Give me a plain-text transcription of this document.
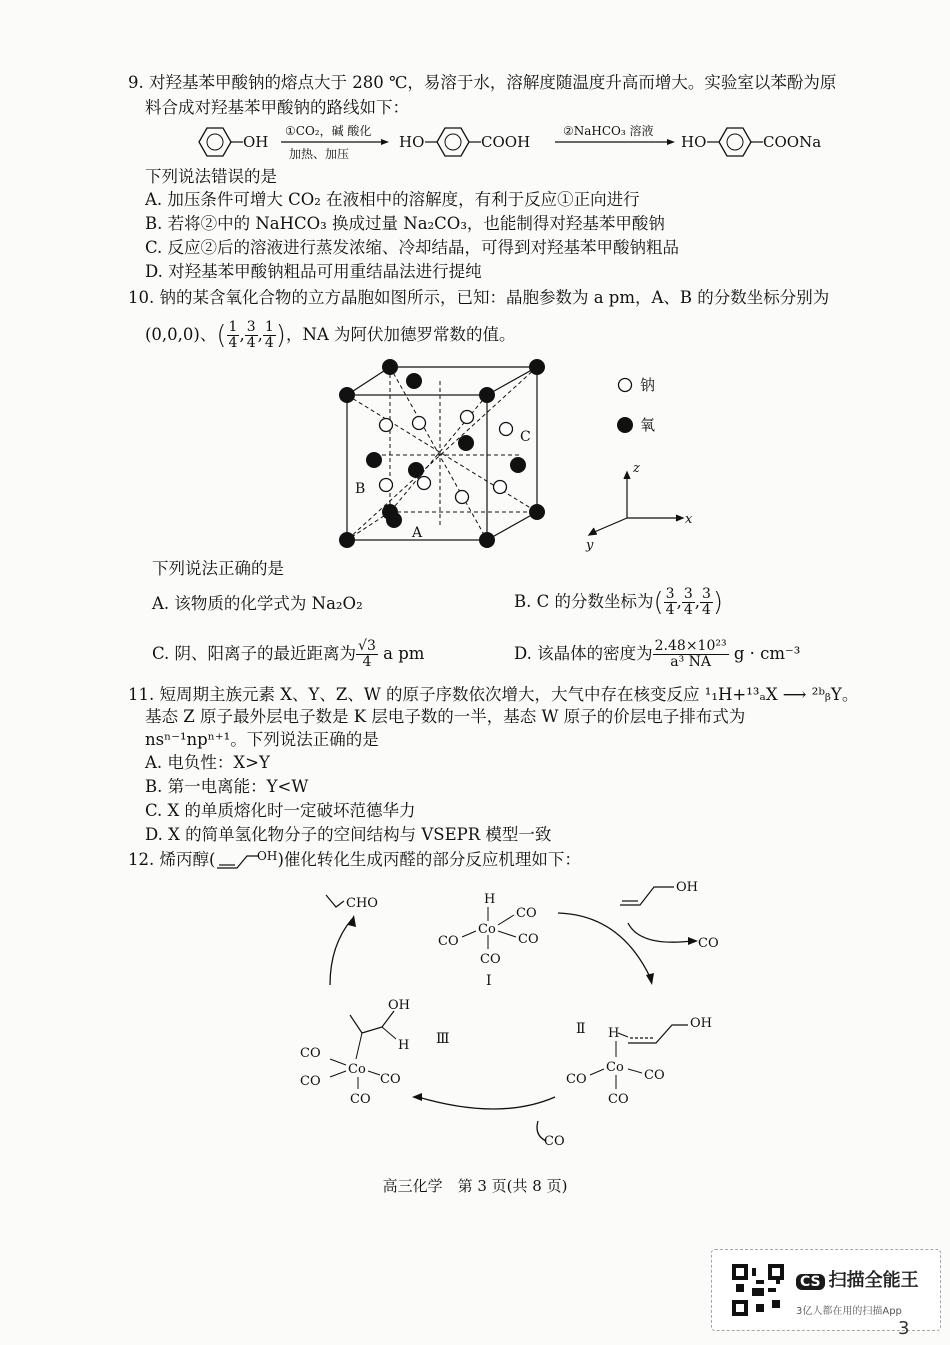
9. 对羟基苯甲酸钠的熔点大于 280 ℃，易溶于水，溶解度随温度升高而增大。实验室以苯酚为原
料合成对羟基苯甲酸钠的路线如下：
OH
①CO₂，碱 酸化
加热、加压
HO	COOH
②NaHCO₃ 溶液
HO	COONa
下列说法错误的是
A. 加压条件可增大 CO₂ 在液相中的溶解度，有利于反应①正向进行
B. 若将②中的 NaHCO₃ 换成过量 Na₂CO₃，也能制得对羟基苯甲酸钠
C. 反应②后的溶液进行蒸发浓缩、冷却结晶，可得到对羟基苯甲酸钠粗品
D. 对羟基苯甲酸钠粗品可用重结晶法进行提纯
10. 钠的某含氧化合物的立方晶胞如图所示，已知：晶胞参数为 a pm，A、B 的分数坐标分别为
(0,0,0)、( $\frac{1}{4}$ , $\frac{3}{4}$ , $\frac{1}{4}$ )，NA 为阿伏加德罗常数的值。
C
B
A
钠
氧
z
x
y
下列说法正确的是
A. 该物质的化学式为 Na₂O₂	B. C 的分数坐标为( $\frac{3}{4}$ , $\frac{3}{4}$ , $\frac{3}{4}$ )
C. 阴、阳离子的最近距离为 $\frac{√3}{4}$ a pm	D. 该晶体的密度为 $\frac{\text{2.48×10²³}}{\text{a³ NA}}$ g · cm⁻³
11. 短周期主族元素 X、Y、Z、W 的原子序数依次增大，大气中存在核变反应 ¹₁H+¹³ₐX ⟶ ²ᵇᵦY。
基态 Z 原子最外层电子数是 K 层电子数的一半，基态 W 原子的价层电子排布式为
nsⁿ⁻¹npⁿ⁺¹。下列说法正确的是
A. 电负性：X>Y
B. 第一电离能：Y<W
C. X 的单质熔化时一定破坏范德华力
D. X 的简单氢化物分子的空间结构与 VSEPR 模型一致
12. 烯丙醇(	OH )催化转化生成丙醛的部分反应机理如下：
CHO	H
Co
CO
CO
CO
CO
Ⅰ
OH
CO
CO
OH
H
Co
CO
CO	CO
CO
Ⅲ
Ⅱ H
OH
Co
CO	CO
CO
高三化学　第 3 页(共 8 页)
CS 扫描全能王
3亿人都在用的扫描App
3
